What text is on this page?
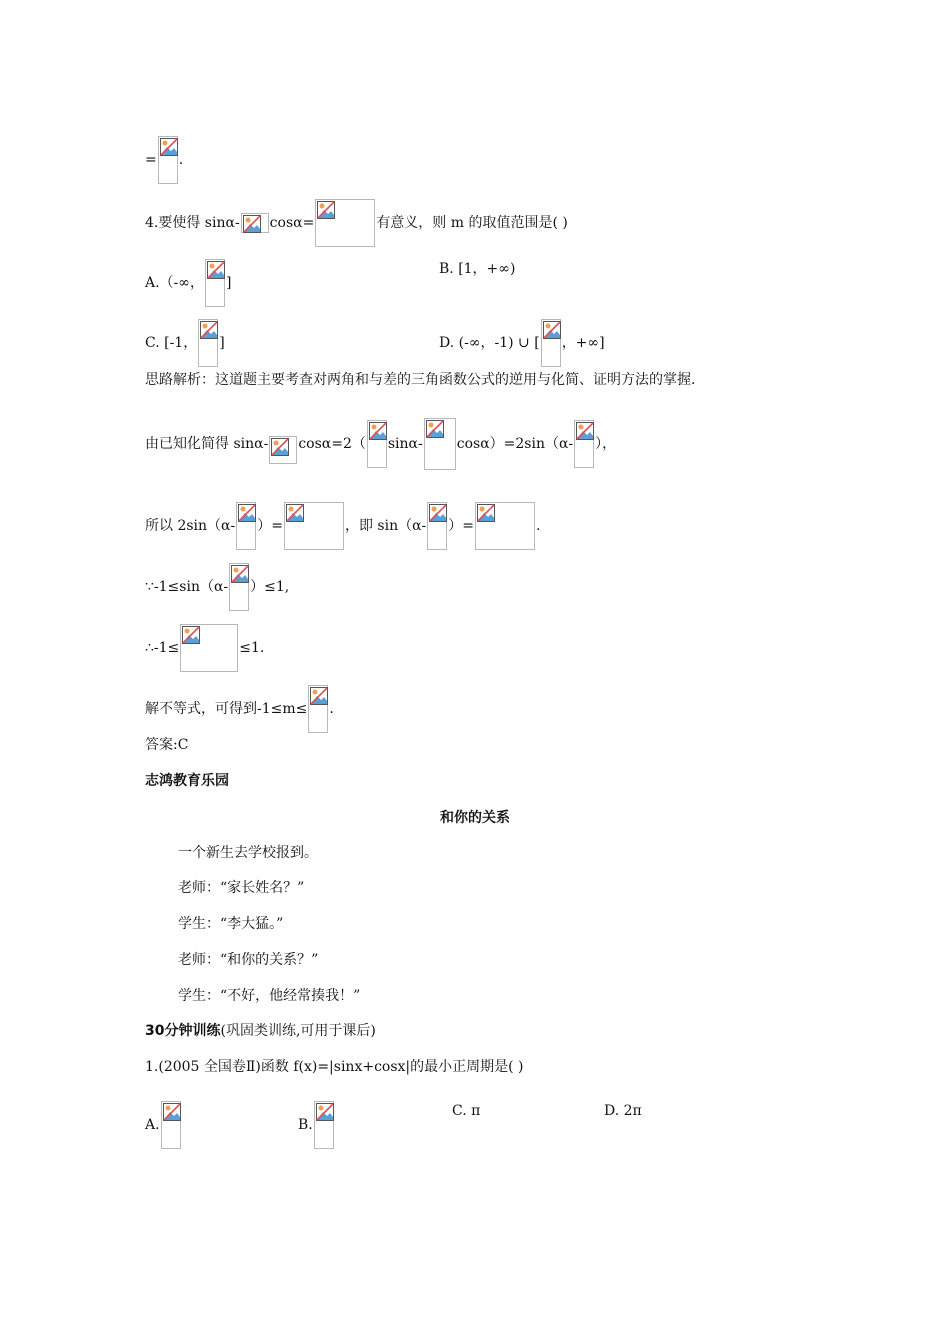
= .
4.要使得 sinα- cosα=	有意义，则 m 的取值范围是( )
A.（-∞， ]
B. [1，+∞)
C. [-1， ]	D. (-∞，-1) ∪ [ ，+∞]
思路解析：这道题主要考查对两角和与差的三角函数公式的逆用与化简、证明方法的掌握.
由已知化简得 sinα- cosα=2（ sinα- cosα）=2sin（α- ），
所以 2sin（α- ）=	，即 sin（α- ）=	.
∵-1≤sin（α- ）≤1,
∴-1≤	≤1.
解不等式，可得到-1≤m≤ .
答案:C
志鸿教育乐园
和你的关系
一个新生去学校报到。
老师：“家长姓名？”
学生：“李大猛。”
老师：“和你的关系？”
学生：“不好，他经常揍我！”
30分钟训练(巩固类训练,可用于课后)
1.(2005 全国卷Ⅱ)函数 f(x)=|sinx+cosx|的最小正周期是( )
A.	B.
C. π	D. 2π
